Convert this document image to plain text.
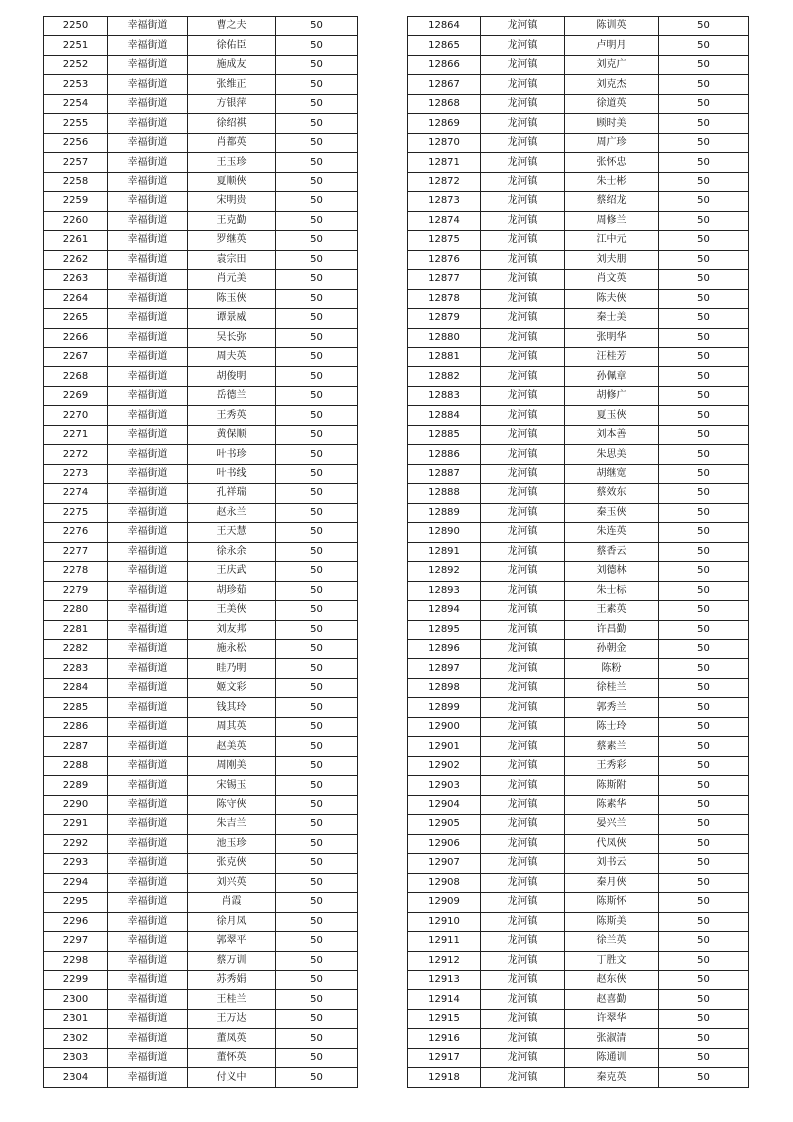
2250	幸福街道	曹之夫	50
2251	幸福街道	徐佑臣	50
2252	幸福街道	施成友	50
2253	幸福街道	张维正	50
2254	幸福街道	方银萍	50
2255	幸福街道	徐绍祺	50
2256	幸福街道	肖都英	50
2257	幸福街道	王玉珍	50
2258	幸福街道	夏顺俠	50
2259	幸福街道	宋明贵	50
2260	幸福街道	王克勤	50
2261	幸福街道	罗继英	50
2262	幸福街道	袁宗田	50
2263	幸福街道	肖元美	50
2264	幸福街道	陈玉俠	50
2265	幸福街道	谭景威	50
2266	幸福街道	吴长弥	50
2267	幸福街道	周夫英	50
2268	幸福街道	胡俊明	50
2269	幸福街道	岳德兰	50
2270	幸福街道	王秀英	50
2271	幸福街道	黄保顺	50
2272	幸福街道	叶书珍	50
2273	幸福街道	叶书线	50
2274	幸福街道	孔祥瑞	50
2275	幸福街道	赵永兰	50
2276	幸福街道	王天慧	50
2277	幸福街道	徐永余	50
2278	幸福街道	王庆武	50
2279	幸福街道	胡珍茹	50
2280	幸福街道	王美俠	50
2281	幸福街道	刘友邦	50
2282	幸福街道	施永松	50
2283	幸福街道	眭乃明	50
2284	幸福街道	姬文彩	50
2285	幸福街道	钱其玲	50
2286	幸福街道	周其英	50
2287	幸福街道	赵美英	50
2288	幸福街道	周刚美	50
2289	幸福街道	宋锡玉	50
2290	幸福街道	陈守俠	50
2291	幸福街道	朱吉兰	50
2292	幸福街道	池玉珍	50
2293	幸福街道	张克俠	50
2294	幸福街道	刘兴英	50
2295	幸福街道	肖霞	50
2296	幸福街道	徐月凤	50
2297	幸福街道	郭翠平	50
2298	幸福街道	蔡万训	50
2299	幸福街道	苏秀娟	50
2300	幸福街道	王桂兰	50
2301	幸福街道	王万达	50
2302	幸福街道	董凤英	50
2303	幸福街道	董怀英	50
2304	幸福街道	付义中	50
12864	龙河镇	陈训英	50
12865	龙河镇	卢明月	50
12866	龙河镇	刘克广	50
12867	龙河镇	刘克杰	50
12868	龙河镇	徐道英	50
12869	龙河镇	顾时美	50
12870	龙河镇	周广珍	50
12871	龙河镇	张怀忠	50
12872	龙河镇	朱士彬	50
12873	龙河镇	蔡绍龙	50
12874	龙河镇	周修兰	50
12875	龙河镇	江中元	50
12876	龙河镇	刘夫朋	50
12877	龙河镇	肖文英	50
12878	龙河镇	陈夫俠	50
12879	龙河镇	秦士美	50
12880	龙河镇	张明华	50
12881	龙河镇	汪桂芳	50
12882	龙河镇	孙佩章	50
12883	龙河镇	胡修广	50
12884	龙河镇	夏玉俠	50
12885	龙河镇	刘本善	50
12886	龙河镇	朱思美	50
12887	龙河镇	胡继宽	50
12888	龙河镇	蔡效东	50
12889	龙河镇	秦玉俠	50
12890	龙河镇	朱连英	50
12891	龙河镇	蔡香云	50
12892	龙河镇	刘德林	50
12893	龙河镇	朱士标	50
12894	龙河镇	王素英	50
12895	龙河镇	许昌勤	50
12896	龙河镇	孙朝金	50
12897	龙河镇	陈粉	50
12898	龙河镇	徐桂兰	50
12899	龙河镇	郭秀兰	50
12900	龙河镇	陈士玲	50
12901	龙河镇	蔡素兰	50
12902	龙河镇	王秀彩	50
12903	龙河镇	陈斯附	50
12904	龙河镇	陈素华	50
12905	龙河镇	晏兴兰	50
12906	龙河镇	代凤俠	50
12907	龙河镇	刘书云	50
12908	龙河镇	秦月俠	50
12909	龙河镇	陈斯怀	50
12910	龙河镇	陈斯美	50
12911	龙河镇	徐兰英	50
12912	龙河镇	丁胜文	50
12913	龙河镇	赵东俠	50
12914	龙河镇	赵喜勤	50
12915	龙河镇	许翠华	50
12916	龙河镇	张淑清	50
12917	龙河镇	陈通训	50
12918	龙河镇	秦克英	50
